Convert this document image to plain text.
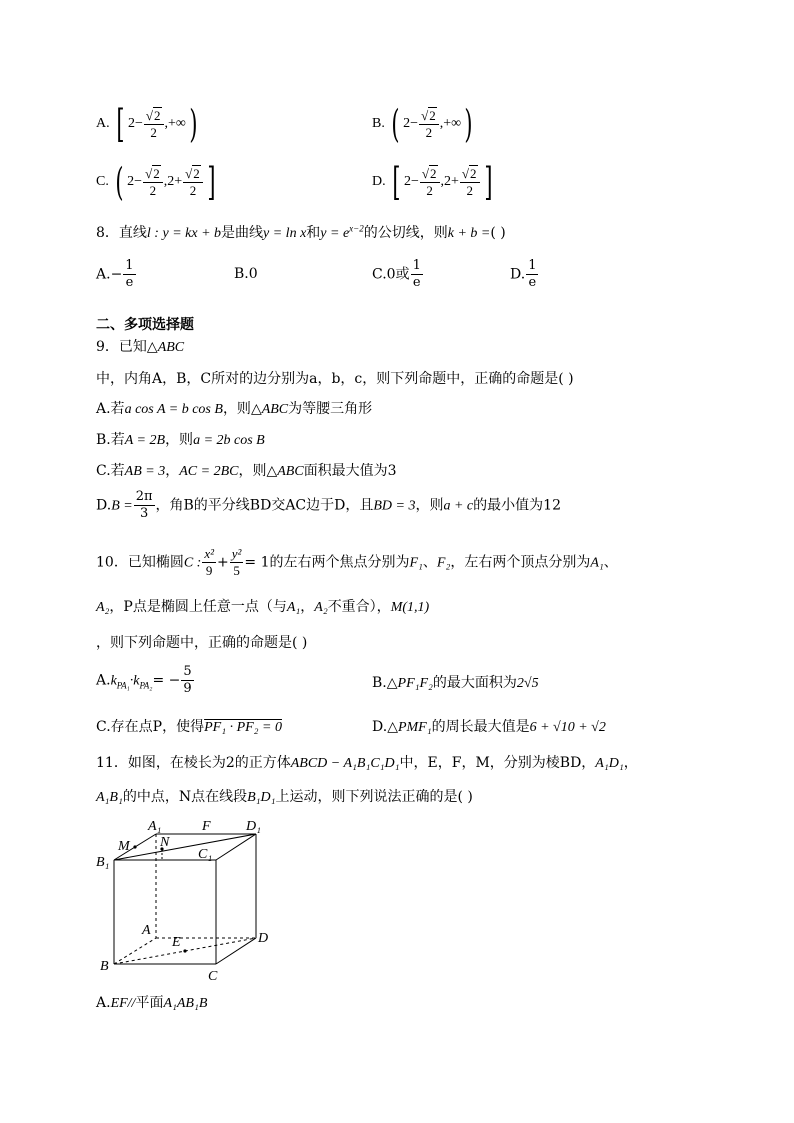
A. [ $2- \frac{√2}{2}$ ,+∞)	B. ( $2- \frac{√2}{2}$ ,+∞)
C. ( $2- \frac{√2}{2} ,2+ \frac{√2}{2}$ ]	D. [ $2- \frac{√2}{2} ,2+ \frac{√2}{2}$ ]
8．直线l : y = kx + b是曲线y = ln x和$y = e^{x-2}$的公切线，则k + b =( )
$A.- \frac{1}{e}$	B.0	C.0或 $\frac{1}{e}$	D. $\frac{1}{e}$
二、多项选择题
9．已知△ABC
中，内角A，B，C所对的边分别为a，b，c，则下列命题中，正确的命题是( )
A.若a cos A = b cos B，则△ABC为等腰三角形
B.若A = 2B，则a = 2b cos B
C.若AB = 3，AC = 2BC，则△ABC面积最大值为3
$D.B = \frac{2\pi}{3}$ ，角B的平分线BD交AC边于D，且BD = 3，则a + c的最小值为12
10．已知椭圆C : $\frac{\text{x²}}{9} + \frac{\text{y²}}{5} = 1$的左右两个焦点分别为F₁、F₂，左右两个顶点分别为A₁、
A₂，P点是椭圆上任意一点（与A₁，A₂不重合），M(1,1)
，则下列命题中，正确的命题是( )
$A.k_{PA_1}\cdot k_{PA_2}= - \frac{5}{9}$	B.△PF₁F₂的最大面积为2√5
C.存在点P，使得PF₁ · PF₂ = 0	D.△PMF₁的周长最大值是6 + √10 + √2
11．如图，在棱长为2的正方体ABCD − A₁B₁C₁D₁中，E，F，M，分别为棱BD，A₁D₁，
A₁B₁的中点，N点在线段B₁D₁上运动，则下列说法正确的是( )
A₁	F	D₁
M N
C₁
B₁
A
E	D
B
C
A.EF//平面A₁AB₁B
